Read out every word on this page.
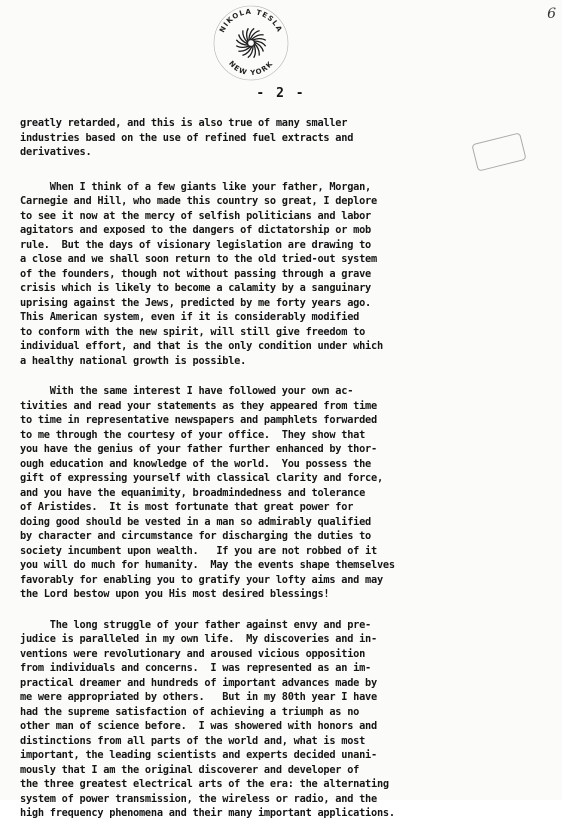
NIKOLA TESLA
NEW YORK
6
- 2 -
greatly retarded, and this is also true of many smaller
industries based on the use of refined fuel extracts and
derivatives.
When I think of a few giants like your father, Morgan,
Carnegie and Hill, who made this country so great, I deplore
to see it now at the mercy of selfish politicians and labor
agitators and exposed to the dangers of dictatorship or mob
rule.  But the days of visionary legislation are drawing to
a close and we shall soon return to the old tried-out system
of the founders, though not without passing through a grave
crisis which is likely to become a calamity by a sanguinary
uprising against the Jews, predicted by me forty years ago.
This American system, even if it is considerably modified
to conform with the new spirit, will still give freedom to
individual effort, and that is the only condition under which
a healthy national growth is possible.
With the same interest I have followed your own ac-
tivities and read your statements as they appeared from time
to time in representative newspapers and pamphlets forwarded
to me through the courtesy of your office.  They show that
you have the genius of your father further enhanced by thor-
ough education and knowledge of the world.  You possess the
gift of expressing yourself with classical clarity and force,
and you have the equanimity, broadmindedness and tolerance
of Aristides.  It is most fortunate that great power for
doing good should be vested in a man so admirably qualified
by character and circumstance for discharging the duties to
society incumbent upon wealth.   If you are not robbed of it
you will do much for humanity.  May the events shape themselves
favorably for enabling you to gratify your lofty aims and may
the Lord bestow upon you His most desired blessings!
The long struggle of your father against envy and pre-
judice is paralleled in my own life.  My discoveries and in-
ventions were revolutionary and aroused vicious opposition
from individuals and concerns.  I was represented as an im-
practical dreamer and hundreds of important advances made by
me were appropriated by others.   But in my 80th year I have
had the supreme satisfaction of achieving a triumph as no
other man of science before.  I was showered with honors and
distinctions from all parts of the world and, what is most
important, the leading scientists and experts decided unani-
mously that I am the original discoverer and developer of
the three greatest electrical arts of the era: the alternating
system of power transmission, the wireless or radio, and the
high frequency phenomena and their many important applications.
